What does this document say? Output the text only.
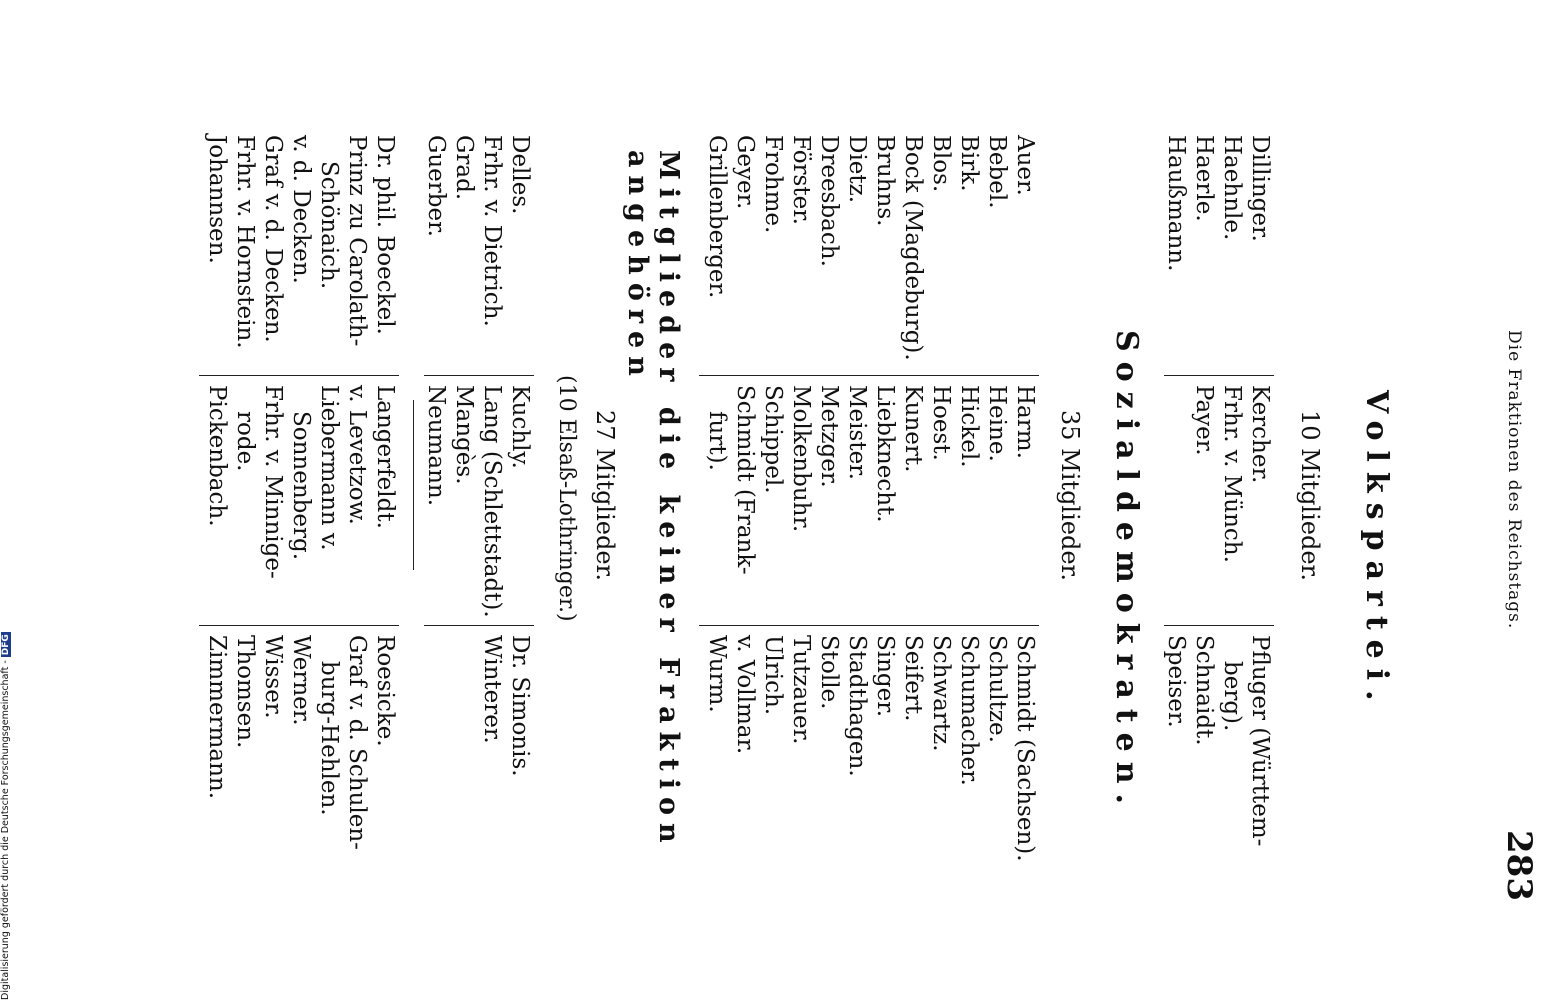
Die Fraktionen des Reichstags.
283
Volkspartei.
10 Mitglieder.
Dillinger.
Haehnle.
Haerle.
Haußmann.
Kercher.
Frhr. v. Münch.
Payer.
Pfluger (Württem-
berg).
Schnaidt.
Speiser.
Sozialdemokraten.
35 Mitglieder.
Auer.
Bebel.
Birk.
Blos.
Bock (Magdeburg).
Bruhns.
Dietz.
Dreesbach.
Förster.
Frohme.
Geyer.
Grillenberger.
Harm.
Heine.
Hickel.
Hoest.
Kunert.
Liebknecht.
Meister.
Metzger.
Molkenbuhr.
Schippel.
Schmidt (Frank-
furt).
Schmidt (Sachsen).
Schultze.
Schumacher.
Schwartz.
Seifert.
Singer.
Stadthagen.
Stolle.
Tutzauer.
Ulrich.
v. Vollmar.
Wurm.
Mitglieder die keiner Fraktion angehören
27 Mitglieder.
(10 Elsaß-Lothringer.)
Delles.
Frhr. v. Dietrich.
Grad.
Guerber.
Kuchly.
Lang (Schlettstadt).
Mangès.
Neumann.
Dr. Simonis.
Winterer.
Dr. phil. Boeckel.
Prinz zu Carolath-
Schönaich.
v. d. Decken.
Graf v. d. Decken.
Frhr. v. Hornstein.
Johannsen.
Langerfeldt.
v. Levetzow.
Liebermann v.
Sonnenberg.
Frhr. v. Minnige-
rode.
Pickenbach.
Roesicke.
Graf v. d. Schulen-
burg-Hehlen.
Werner.
Wisser.
Thomsen.
Zimmermann.
Digitalisierung gefördert durch die Deutsche Forschungsgemeinschaft -DFG
